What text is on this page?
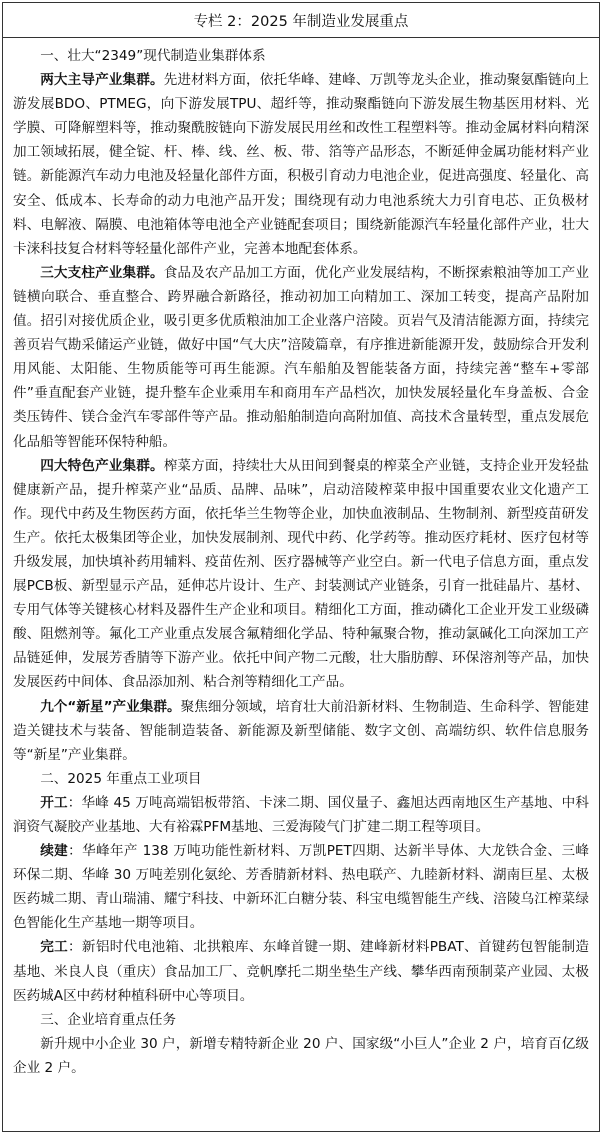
专栏 2：2025 年制造业发展重点

一、壮大“2349”现代制造业集群体系

两大主导产业集群。先进材料方面，依托华峰、建峰、万凯等龙头企业，推动聚氨酯链向上游发展BDO、PTMEG，向下游发展TPU、超纤等，推动聚酯链向下游发展生物基医用材料、光学膜、可降解塑料等，推动聚酰胺链向下游发展民用丝和改性工程塑料等。推动金属材料向精深加工领域拓展，健全锭、杆、棒、线、丝、板、带、箔等产品形态，不断延伸金属功能材料产业链。新能源汽车动力电池及轻量化部件方面，积极引育动力电池企业，促进高强度、轻量化、高安全、低成本、长寿命的动力电池产品开发；围绕现有动力电池系统大力引育电芯、正负极材料、电解液、隔膜、电池箱体等电池全产业链配套项目；围绕新能源汽车轻量化部件产业，壮大卡涞科技复合材料等轻量化部件产业，完善本地配套体系。

三大支柱产业集群。食品及农产品加工方面，优化产业发展结构，不断探索粮油等加工产业链横向联合、垂直整合、跨界融合新路径，推动初加工向精加工、深加工转变，提高产品附加值。招引对接优质企业，吸引更多优质粮油加工企业落户涪陵。页岩气及清洁能源方面，持续完善页岩气勘采储运产业链，做好中国“气大庆”涪陵篇章，有序推进新能源开发，鼓励综合开发利用风能、太阳能、生物质能等可再生能源。汽车船舶及智能装备方面，持续完善“整车+零部件”垂直配套产业链，提升整车企业乘用车和商用车产品档次，加快发展轻量化车身盖板、合金类压铸件、镁合金汽车零部件等产品。推动船舶制造向高附加值、高技术含量转型，重点发展危化品船等智能环保特种船。

四大特色产业集群。榨菜方面，持续壮大从田间到餐桌的榨菜全产业链，支持企业开发轻盐健康新产品，提升榨菜产业“品质、品牌、品味”，启动涪陵榨菜申报中国重要农业文化遗产工作。现代中药及生物医药方面，依托华兰生物等企业，加快血液制品、生物制剂、新型疫苗研发生产。依托太极集团等企业，加快发展制剂、现代中药、化学药等。推动医疗耗材、医疗包材等升级发展，加快填补药用辅料、疫苗佐剂、医疗器械等产业空白。新一代电子信息方面，重点发展PCB板、新型显示产品，延伸芯片设计、生产、封装测试产业链条，引育一批硅晶片、基材、专用气体等关键核心材料及器件生产企业和项目。精细化工方面，推动磷化工企业开发工业级磷酸、阻燃剂等。氟化工产业重点发展含氟精细化学品、特种氟聚合物，推动氯碱化工向深加工产品链延伸，发展芳香腈等下游产业。依托中间产物二元酸，壮大脂肪醇、环保溶剂等产品，加快发展医药中间体、食品添加剂、粘合剂等精细化工产品。

九个“新星”产业集群。聚焦细分领域，培育壮大前沿新材料、生物制造、生命科学、智能建造关键技术与装备、智能制造装备、新能源及新型储能、数字文创、高端纺织、软件信息服务等“新星”产业集群。

二、2025 年重点工业项目

开工：华峰 45 万吨高端铝板带箔、卡涞二期、国仪量子、鑫旭达西南地区生产基地、中科润资气凝胶产业基地、大有裕霖PFM基地、三爱海陵气门扩建二期工程等项目。

续建：华峰年产 138 万吨功能性新材料、万凯PET四期、达新半导体、大龙铁合金、三峰环保二期、华峰 30 万吨差别化氨纶、芳香腈新材料、热电联产、九睦新材料、湖南巨星、太极医药城二期、青山瑞浦、耀宁科技、中新环汇白糖分装、科宝电缆智能生产线、涪陵乌江榨菜绿色智能化生产基地一期等项目。

完工：新铝时代电池箱、北拱粮库、东峰首键一期、建峰新材料PBAT、首键药包智能制造基地、米良人良（重庆）食品加工厂、竞帆摩托二期坐垫生产线、攀华西南预制菜产业园、太极医药城A区中药材种植科研中心等项目。

三、企业培育重点任务

新升规中小企业 30 户，新增专精特新企业 20 户、国家级“小巨人”企业 2 户，培育百亿级企业 2 户。
